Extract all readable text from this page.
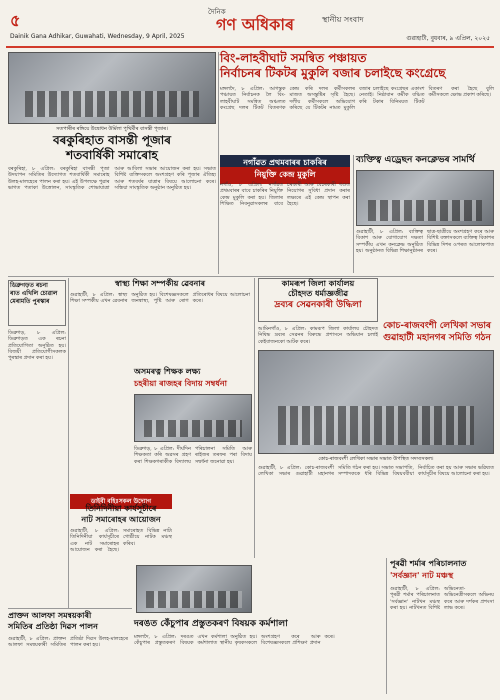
৫	দৈনিক
গণ অধিকাৰ	স্থানীয় সংবাদ
Dainik Gana Adhikar, Guwahati, Wednesday, 9 April, 2025	গুৱাহাটী, বুধবাৰ, ৯ এপ্ৰিল, ২০২৫
সতপাৰীৰ ৰঙ্গিয়ে উদ্বোধন উৰ্মিলা পুথিৰ্মীৰ বাসন্তী পূজাৰ।
বিং-লাহবীঘাট সমন্বিত পঞ্চায়ত
নিৰ্বাচনৰ টিকটৰ মুকুলি বজাৰ চলাইছে কংগ্ৰেছে
মঙ্গলদৈ, ৮ এপ্ৰিল: আগন্তুক পঞ্চায়ত নিৰ্বাচনক লৈ বিং-লাহবীঘাট সমন্বিত অঞ্চলত কংগ্ৰেছ দলৰ টিকট বিতৰণক কেন্দ্ৰ কৰি দলৰ কৰ্মীসকলৰ মাজত অসন্তুষ্টিৰ সৃষ্টি হৈছে। দলীয় কৰ্মীসকলে অভিযোগ কৰিছে যে টিকটৰ নামত মুকুলি বজাৰ চলাইছে কংগ্ৰেছৰ একাংশ নেতাই। নিষ্ঠাবান কৰ্মীক বঞ্চিত কৰি টকাৰ বিনিময়ত টিকট বিতৰণ কৰা হৈছে বুলি কৰ্মীসকলে ক্ষোভ প্ৰকাশ কৰিছে।
বৰকুৰিহাত বাসন্তী পূজাৰ
শতবাৰ্ষিকী সমাৰোহ
বৰকুৰিহা, ৮ এপ্ৰিল: বৰকুৰিহা বাসন্তী পূজা উদযাপন সমিতিৰ উদ্যোগত শতবাৰ্ষিকী সমাৰোহ উলহ-মালহেৰে পালন কৰা হয়। এই উপলক্ষে পুৱাৰ ভাগত পতাকা উত্তোলন, সাংস্কৃতিক শোভাযাত্ৰা আৰু আবিলা সভাৰ আয়োজন কৰা হয়। সভাত বিশিষ্ট ব্যক্তিসকলে অংশগ্ৰহণ কৰি পূজাৰ ঐতিহ্য আৰু শতবৰ্ষৰ যাত্ৰাৰ বিষয়ে আলোচনা কৰে। সন্ধিয়া সাংস্কৃতিক অনুষ্ঠান অনুষ্ঠিত হয়।
নগাঁৱত প্ৰথমবাৰৰ চাকৰিৰ
নিয়ুক্তি কেন্দ্ৰ মুকুলি
নগাঁও, ৮ এপ্ৰিল: নগাঁৱত প্ৰথমবাৰৰ বাবে চাকৰিৰ নিয়ুক্তি কেন্দ্ৰ মুকুলি কৰা হয়। জিলাৰ শিক্ষিত নিবনুৱাসকলৰ বাবে চৰকাৰী আৰু বেচৰকাৰী খণ্ডত নিয়োগৰ সুবিধা প্ৰদান কৰাৰ লক্ষ্যৰে এই কেন্দ্ৰ স্থাপন কৰা হৈছে।
ব্যক্তিত্ব এড্ৰেছন কনক্লেভৰ সামৰ্থি
গুৱাহাটী, ৮ এপ্ৰিল: ব্যক্তিত্ব বিকাশ আৰু যোগাযোগ দক্ষতা সম্পৰ্কীয় এখন কনক্লেভ অনুষ্ঠিত হয়। অনুষ্ঠানত বিভিন্ন শিক্ষানুষ্ঠানৰ ছাত্ৰ-ছাত্ৰীয়ে অংশগ্ৰহণ কৰে আৰু বিশিষ্ট বক্তাসকলে ব্যক্তিত্ব বিকাশৰ বিভিন্ন দিশৰ ওপৰত আলোকপাত কৰে।
কামৰূপ জিলা কাৰ্যালয়
চৌহদত ধৰ্মাজ্ঞজীৱ
দ্ৰব্যৰ সেৱনকাৰী উদ্ধিলা
আমিনগাঁও, ৮ এপ্ৰিল: কামৰূপ জিলা কাৰ্যালয় চৌহদত নিষিদ্ধ দ্ৰব্যৰ সেৱনৰ বিৰুদ্ধে প্ৰশাসনে অভিযান চলাই কেইবাজনকো আটক কৰে।
স্বাস্থ্য শিক্ষা সম্পৰ্কীয় ৱেবনাৰ
গুৱাহাটী, ৮ এপ্ৰিল: স্বাস্থ্য শিক্ষা সম্পৰ্কীয় এখন ৱেবনাৰ অনুষ্ঠিত হয়। বিশেষজ্ঞসকলে জনস্বাস্থ্য, পুষ্টি আৰু ৰোগ প্ৰতিৰোধৰ বিষয়ে আলোচনা কৰে।
ডিব্ৰুগড়ত ৰচনা
ৰাত এখিলি চোৱাল
মেৰামতি পুৰস্কাৰ
ডিব্ৰুগড়, ৮ এপ্ৰিল: ডিব্ৰুগড়ত এক ৰচনা প্ৰতিযোগিতা অনুষ্ঠিত হয়। বিজয়ী প্ৰতিযোগীসকলক পুৰস্কাৰ প্ৰদান কৰা হয়।
কোচ-ৰাজবংশী লেখিকা সভাৰ
গুৱাহাটী মহানগৰ সমিতি গঠন
কোচ-ৰাজবংশী লেখিকা সভাৰ সভাত উপস্থিত সদস্যসকল।
গুৱাহাটী, ৮ এপ্ৰিল: কোচ-ৰাজবংশী লেখিকা সভাৰ গুৱাহাটী মহানগৰ সমিতি গঠন কৰা হয়। সভাত সভাপতি, সম্পাদককে ধৰি বিভিন্ন বিষয়ববীয়া নিৰ্বাচিত কৰা হয় আৰু সভাৰ ভৱিষ্যত কাৰ্যসূচীৰ বিষয়ে আলোচনা কৰা হয়।
অসমৰত্ন শিক্ষক লক্ষ্য
চহৰীয়া ৰাজহৰ বিদায় সম্বৰ্ধনা
ডিব্ৰুগড়, ৮ এপ্ৰিল: দীৰ্ঘদিন শিক্ষকতা কৰি অৱসৰ গ্ৰহণ কৰা শিক্ষকগৰাকীক বিদ্যালয় পৰিচালনা সমিতি আৰু ৰাইজৰ তৰফৰ পৰা বিদায় সম্বৰ্ধনা জনোৱা হয়।
ডাইবী বহিঃসকল উদ্যোগ
তিনিদিনীয়া কাৰ্যসূচীৰে
নাট সমাৰোহৰ আয়োজন
গুৱাহাটী, ৮ এপ্ৰিল: তিনিদিনীয়া কাৰ্যসূচীৰে এক নাট সমাৰোহৰ আয়োজন কৰা হৈছে। সমাৰোহত বিভিন্ন নাট্য গোষ্ঠীয়ে নাটক মঞ্চস্থ কৰিব।
প্ৰাক্তন আলফা সমন্বয়কাৰী
সমিতিৰ প্ৰতিষ্ঠা দিৱস পালন
গুৱাহাটী, ৮ এপ্ৰিল: প্ৰাক্তন আলফা সমন্বয়কাৰী সমিতিৰ প্ৰতিষ্ঠা দিৱস উলহ-মালহেৰে পালন কৰা হয়।
দৰঙত কেঁচুপাৰ প্ৰস্তুতকৰণ বিষয়ক কৰ্মশালা
মঙ্গলদৈ, ৮ এপ্ৰিল: দৰঙত কেঁচুপাৰ প্ৰস্তুতকৰণ বিষয়ক এখন কৰ্মশালা অনুষ্ঠিত হয়। কৰ্মশালাত স্থানীয় কৃষকসকলে অংশগ্ৰহণ কৰে আৰু বিশেষজ্ঞসকলে প্ৰশিক্ষণ প্ৰদান কৰে।
পূৰৱী শৰ্মাৰ পৰিচালনাত
'সৰ্বজ্ঞান' নাট মঞ্চস্থ
গুৱাহাটী, ৮ এপ্ৰিল: পূৰৱী শৰ্মাৰ পৰিচালনাত 'সৰ্বজ্ঞান' নাটখন মঞ্চস্থ কৰা হয়। নাটখনত বিশিষ্ট অভিনেতা-অভিনেত্ৰীসকলে অভিনয় কৰে আৰু দৰ্শকৰ প্ৰশংসা লাভ কৰে।
